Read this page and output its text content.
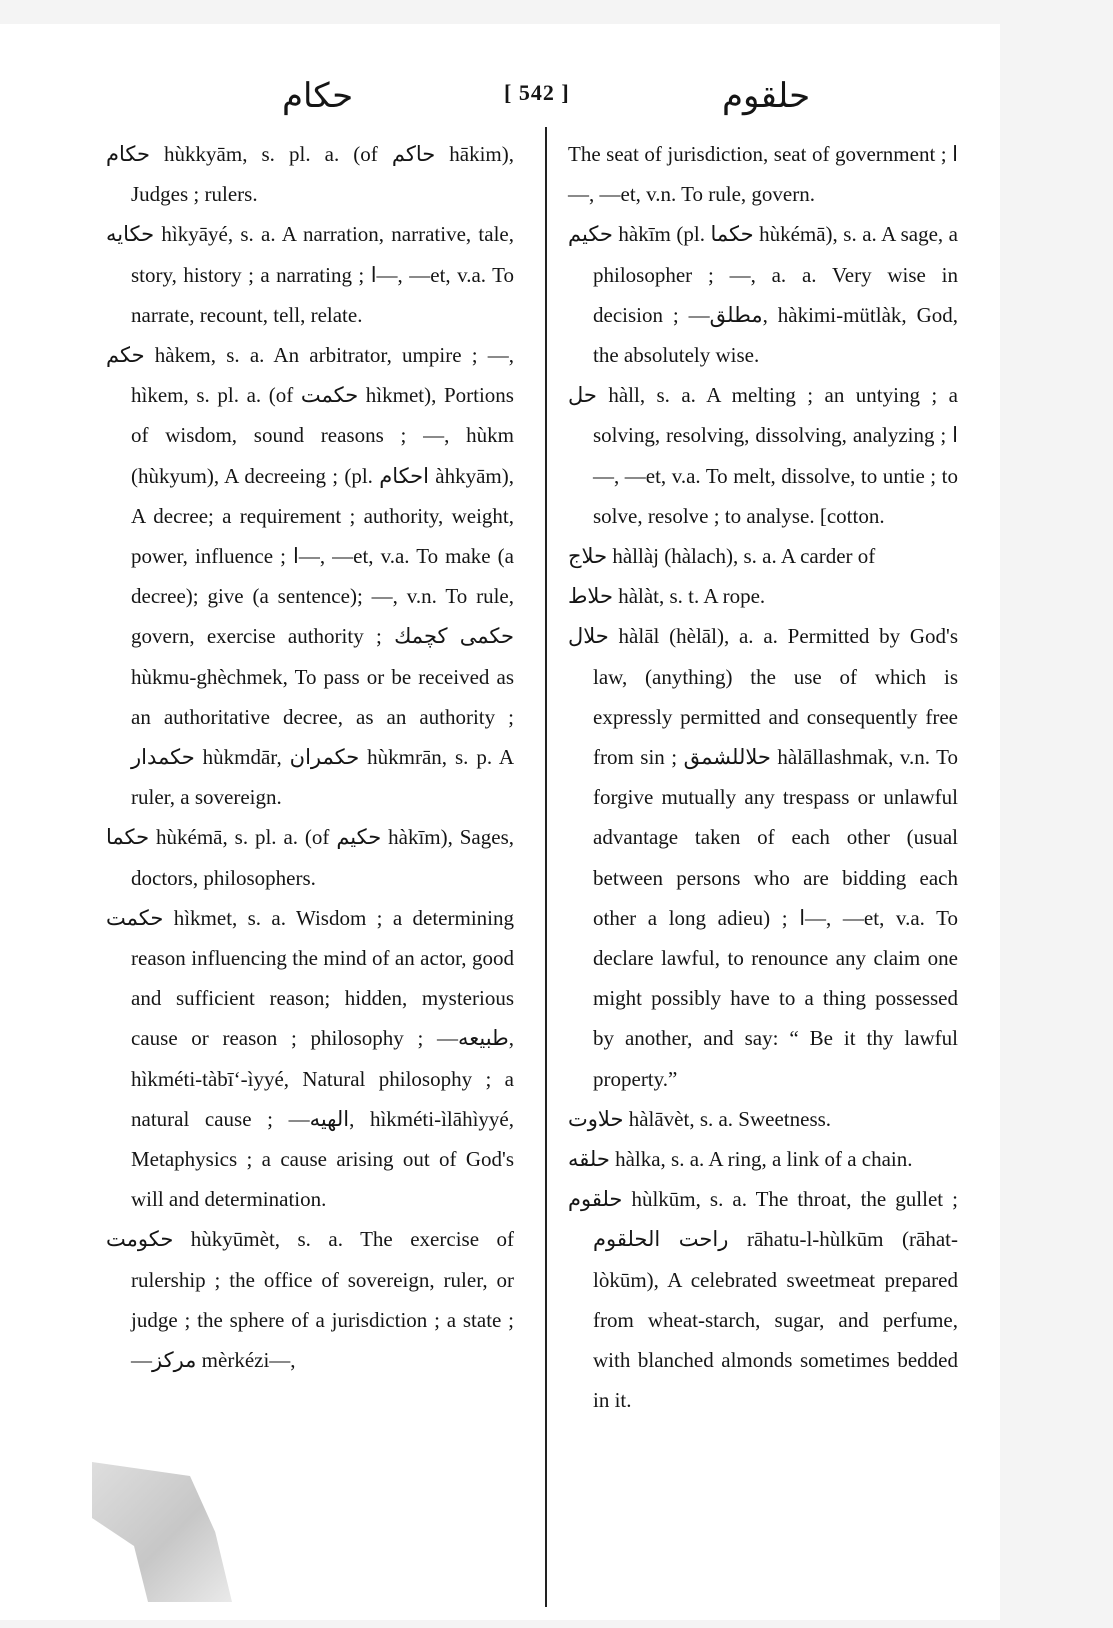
حكام	[ 542 ]	حلقوم

حكام hùkkyām, s. pl. a. (of حاكم hākim), Judges ; rulers.

حكايه hìkyāyé, s. a. A narration, narrative, tale, story, history ; a narrating ; ا—, —et, v.a. To narrate, recount, tell, relate.

حكم hàkem, s. a. An arbitrator, umpire ; —, hìkem, s. pl. a. (of حكمت hìkmet), Portions of wisdom, sound reasons ; —, hùkm (hùkyum), A decreeing ; (pl. احكام àhkyām), A decree; a requirement ; authority, weight, power, influence ; ا—, —et, v.a. To make (a decree); give (a sentence); —, v.n. To rule, govern, exercise authority ; حكمى كچمك hùkmu-ghèchmek, To pass or be received as an authoritative decree, as an authority ; حكمدار hùkmdār, حكمران hùkmrān, s. p. A ruler, a sovereign.

حكما hùkémā, s. pl. a. (of حكيم hàkīm), Sages, doctors, philosophers.

حكمت hìkmet, s. a. Wisdom ; a determining reason influencing the mind of an actor, good and sufficient reason; hidden, mysterious cause or reason ; philosophy ; —طبيعه, hìkméti-tàbīʻ-ìyyé, Natural philosophy ; a natural cause ; —الهيه, hìkméti-ìlāhìyyé, Metaphysics ; a cause arising out of God's will and determination.

حكومت hùkyūmèt, s. a. The exercise of rulership ; the office of sovereign, ruler, or judge ; the sphere of a jurisdiction ; a state ; —مركز mèrkézi—,

The seat of jurisdiction, seat of government ; ا—, —et, v.n. To rule, govern.

حكيم hàkīm (pl. حكما hùkémā), s. a. A sage, a philosopher ; —, a. a. Very wise in decision ; —مطلق, hàkimi-mütlàk, God, the absolutely wise.

حل hàll, s. a. A melting ; an untying ; a solving, resolving, dissolving, analyzing ; ا—, —et, v.a. To melt, dissolve, to untie ; to solve, resolve ; to analyse. [cotton.

حلاج hàllàj (hàlach), s. a. A carder of

حلاط hàlàt, s. t. A rope.

حلال hàlāl (hèlāl), a. a. Permitted by God's law, (anything) the use of which is expressly permitted and consequently free from sin ; حلاللشمق hàlāllashmak, v.n. To forgive mutually any trespass or unlawful advantage taken of each other (usual between persons who are bidding each other a long adieu) ; ا—, —et, v.a. To declare lawful, to renounce any claim one might possibly have to a thing possessed by another, and say: “ Be it thy lawful property.”

حلاوت hàlāvèt, s. a. Sweetness.

حلقه hàlka, s. a. A ring, a link of a chain.

حلقوم hùlkūm, s. a. The throat, the gullet ; راحت الحلقوم rāhatu-l-hùlkūm (rāhat-lòkūm), A celebrated sweetmeat prepared from wheat-starch, sugar, and perfume, with blanched almonds sometimes bedded in it.
